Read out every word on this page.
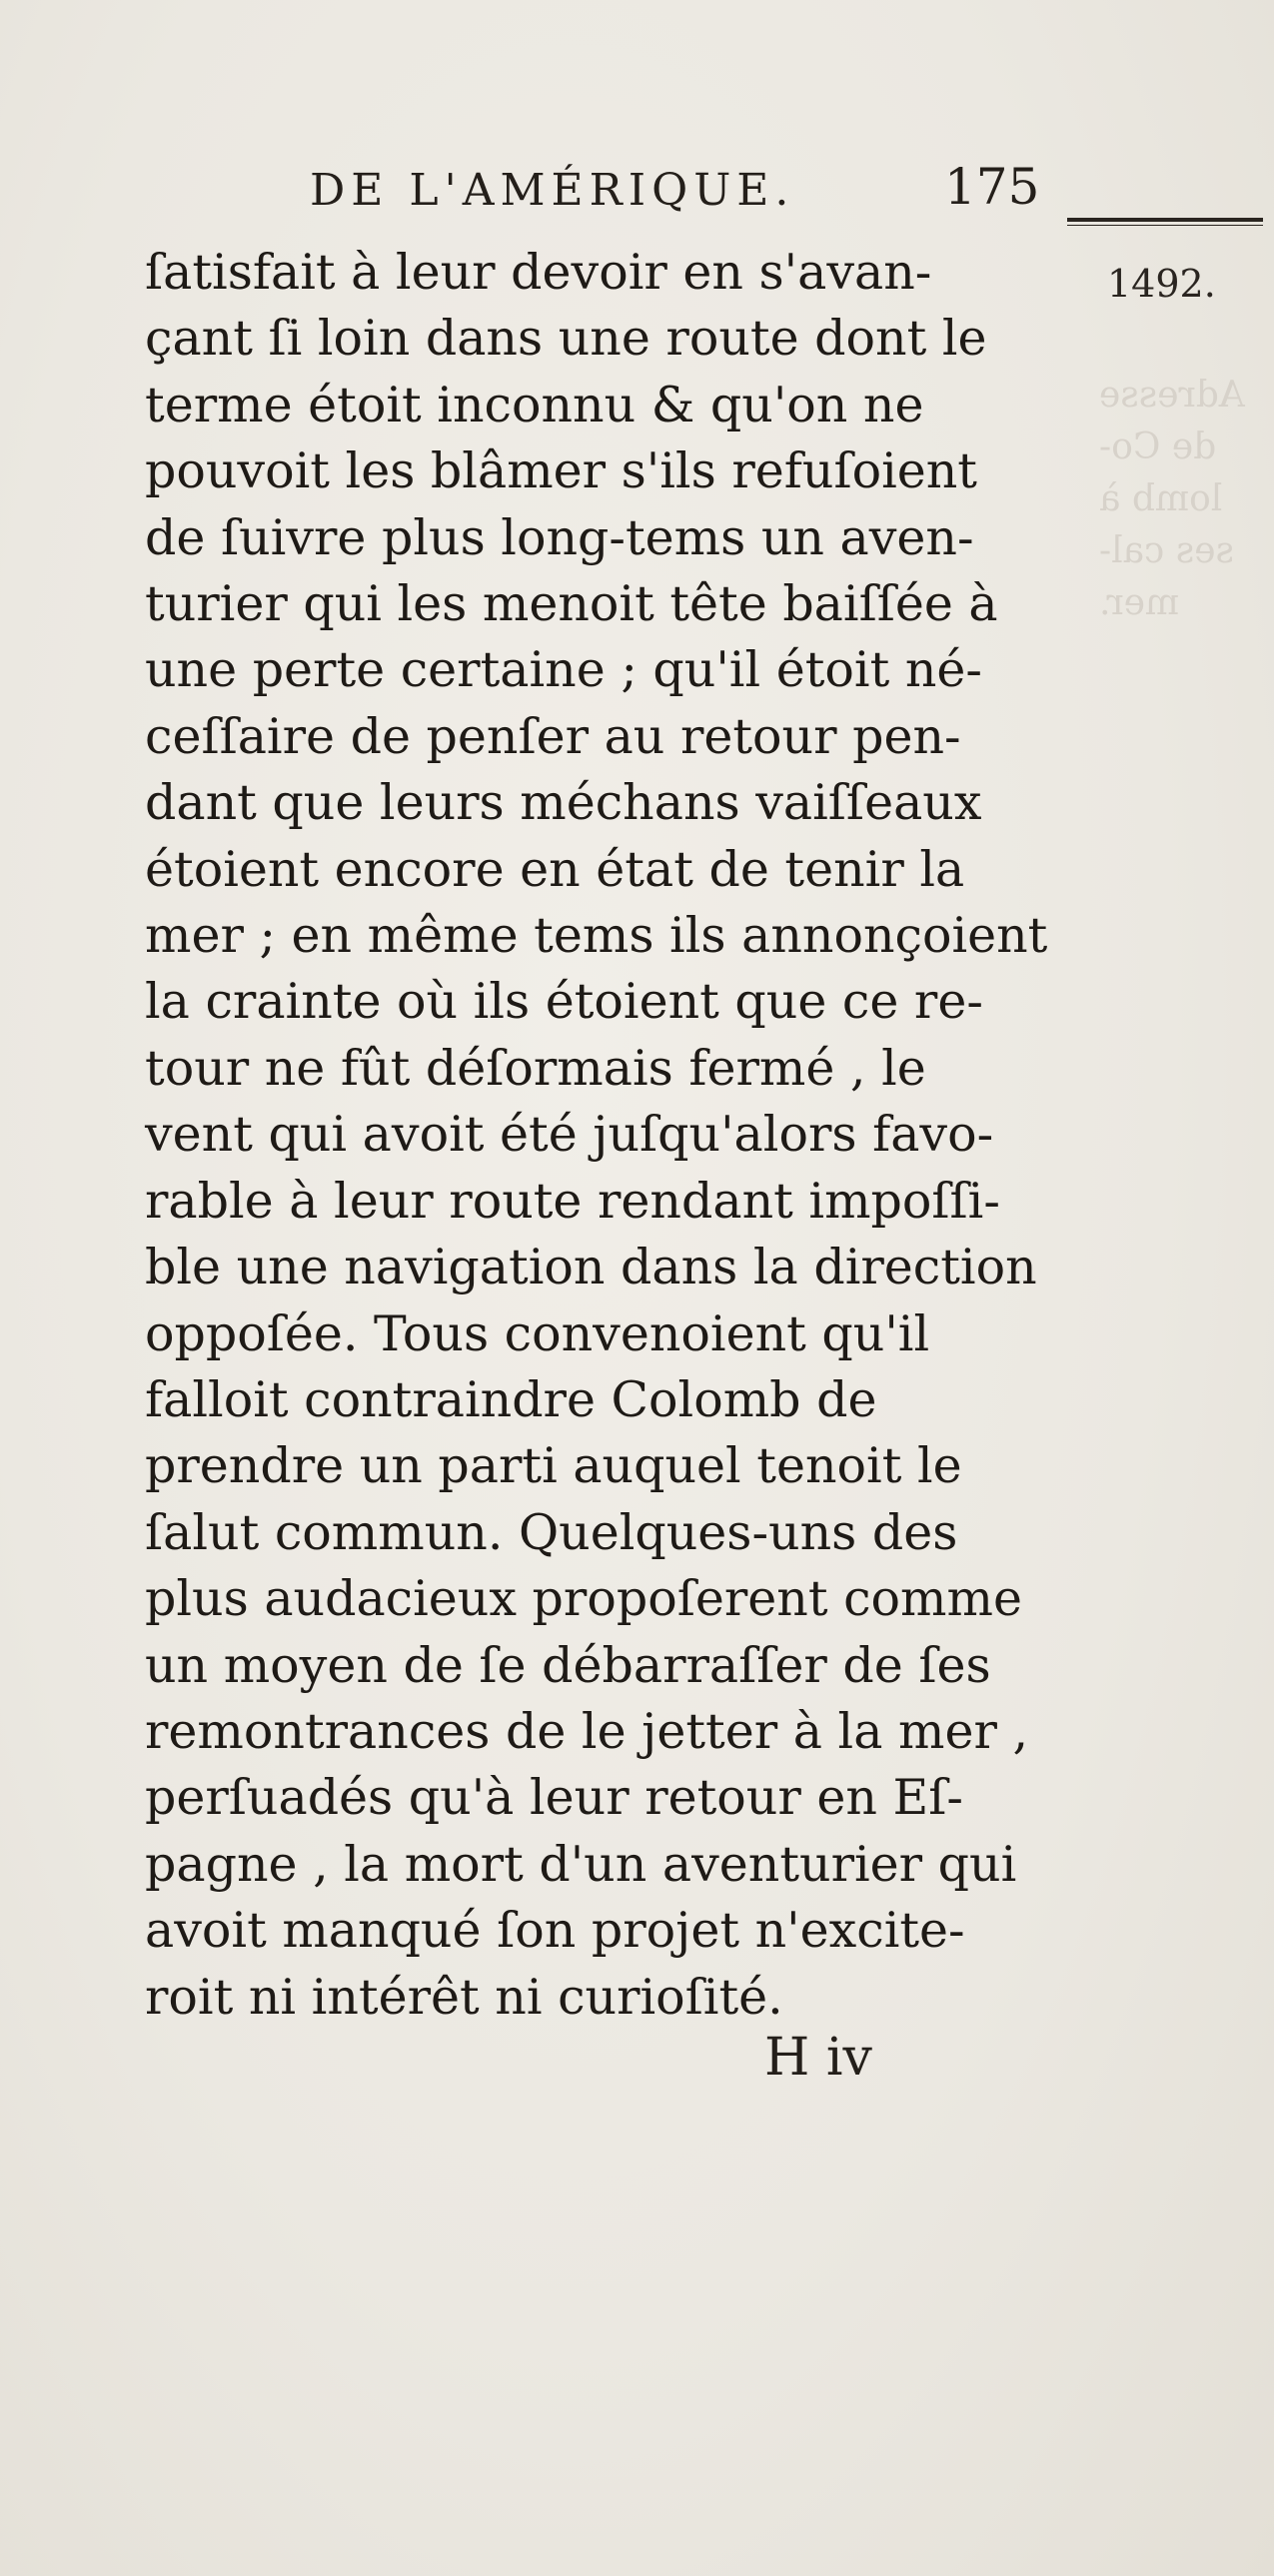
DE L'AMÉRIQUE.	175
1492.
Adresse
de Co-
lomb à
ses cal-
mer.
ſatisfait à leur devoir en s'avan-
çant ſi loin dans une route dont le
terme étoit inconnu & qu'on ne
pouvoit les blâmer s'ils refuſoient
de ſuivre plus long-tems un aven-
turier qui les menoit tête baiſſée à
une perte certaine ; qu'il étoit né-
ceſſaire de penſer au retour pen-
dant que leurs méchans vaiſſeaux
étoient encore en état de tenir la
mer ; en même tems ils annonçoient
la crainte où ils étoient que ce re-
tour ne fût déſormais fermé , le
vent qui avoit été juſqu'alors favo-
rable à leur route rendant impoſſi-
ble une navigation dans la direction
oppoſée. Tous convenoient qu'il
falloit contraindre Colomb de
prendre un parti auquel tenoit le
ſalut commun. Quelques-uns des
plus audacieux propoſerent comme
un moyen de ſe débarraſſer de ſes
remontrances de le jetter à la mer ,
perſuadés qu'à leur retour en Eſ-
pagne , la mort d'un aventurier qui
avoit manqué ſon projet n'excite-
roit ni intérêt ni curioſité.
H iv
